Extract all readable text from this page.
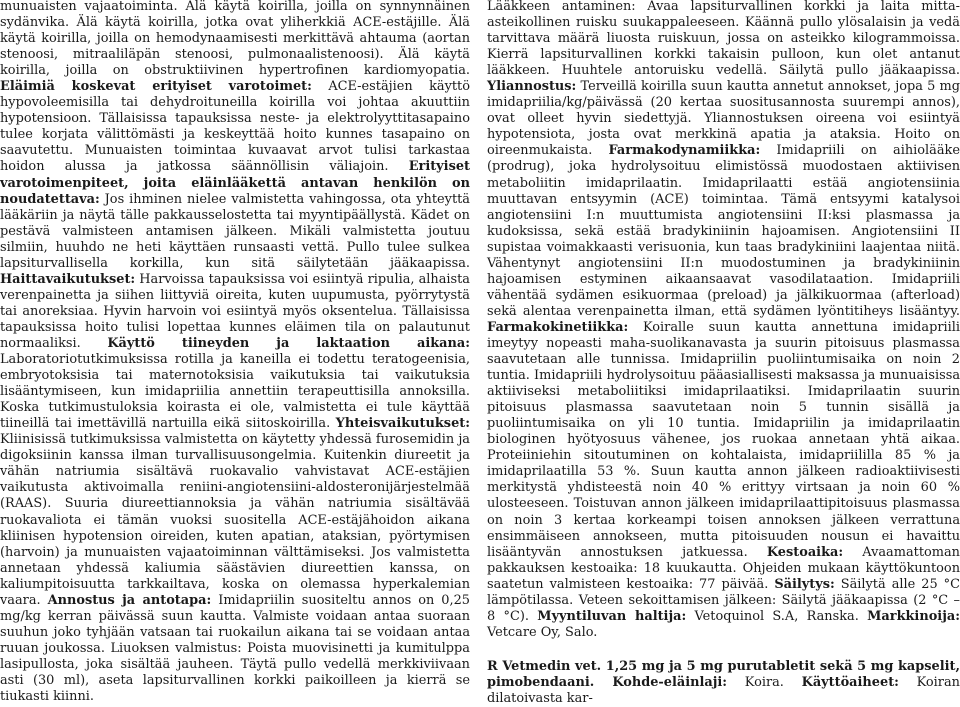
munuaisten vajaatoiminta. Älä käytä koirilla, joilla on synnynnäinen sydänvika. Älä käytä koirilla, jotka ovat yliherkkiä ACE-estäjille. Älä käytä koirilla, joilla on hemodynaamisesti merkittävä ahtauma (aortan stenoosi, mitraaliläpän stenoosi, pulmonaalistenoosi). Älä käytä koirilla, joilla on obstruktiivinen hypertrofinen kardiomyopatia. Eläimiä koskevat erityiset varotoimet: ACE-estäjien käyttö hypovoleemisilla tai dehydroituneilla koirilla voi johtaa akuuttiin hypotensioon. Tällaisissa tapauksissa neste- ja elektrolyyttitasapaino tulee korjata välittömästi ja keskeyttää hoito kunnes tasapaino on saavutettu. Munuaisten toimintaa kuvaavat arvot tulisi tarkastaa hoidon alussa ja jatkossa säännöllisin väliajoin. Erityiset varotoimenpiteet, joita eläinlääkettä antavan henkilön on noudatettava: Jos ihminen nielee valmistetta vahingossa, ota yhteyttä lääkäriin ja näytä tälle pakkausselostetta tai myyntipäällystä. Kädet on pestävä valmisteen antamisen jälkeen. Mikäli valmistetta joutuu silmiin, huuhdo ne heti käyttäen runsaasti vettä. Pullo tulee sulkea lapsiturvallisella korkilla, kun sitä säilytetään jääkaapissa. Haittavaikutukset: Harvoissa tapauksissa voi esiintyä ripulia, alhaista verenpainetta ja siihen liittyviä oireita, kuten uupumusta, pyörrytystä tai anoreksiaa. Hyvin harvoin voi esiintyä myös oksentelua. Tällaisissa tapauksissa hoito tulisi lopettaa kunnes eläimen tila on palautunut normaaliksi. Käyttö tiineyden ja laktaation aikana: Laboratoriotutkimuksissa rotilla ja kaneilla ei todettu teratogeenisia, embryotoksisia tai maternotoksisia vaikutuksia tai vaikutuksia lisääntymiseen, kun imidapriilia annettiin terapeuttisilla annoksilla. Koska tutkimustuloksia koirasta ei ole, valmistetta ei tule käyttää tiineillä tai imettävillä nartuilla eikä siitoskoirilla. Yhteisvaikutukset: Kliinisissä tutkimuksissa valmistetta on käytetty yhdessä furosemidin ja digoksiinin kanssa ilman turvallisuusongelmia. Kuitenkin diureetit ja vähän natriumia sisältävä ruokavalio vahvistavat ACE-estäjien vaikutusta aktivoimalla reniini-angiotensiini-aldosteronijärjestelmää (RAAS). Suuria diureettiannoksia ja vähän natriumia sisältävää ruokavaliota ei tämän vuoksi suositella ACE-estäjähoidon aikana kliinisen hypotension oireiden, kuten apatian, ataksian, pyörtymisen (harvoin) ja munuaisten vajaatoiminnan välttämiseksi. Jos valmistetta annetaan yhdessä kaliumia säästävien diureettien kanssa, on kaliumpitoisuutta tarkkailtava, koska on olemassa hyperkalemian vaara. Annostus ja antotapa: Imidapriilin suositeltu annos on 0,25 mg/kg kerran päivässä suun kautta. Valmiste voidaan antaa suoraan suuhun joko tyhjään vatsaan tai ruokailun aikana tai se voidaan antaa ruuan joukossa. Liuoksen valmistus: Poista muovisinetti ja kumitulppa lasipullosta, joka sisältää jauheen. Täytä pullo vedellä merkkiviivaan asti (30 ml), aseta lapsiturvallinen korkki paikoilleen ja kierrä se tiukasti kiinni.

Lääkkeen antaminen: Avaa lapsiturvallinen korkki ja laita mitta-asteikollinen ruisku suukappaleeseen. Käännä pullo ylösalaisin ja vedä tarvittava määrä liuosta ruiskuun, jossa on asteikko kilogrammoissa. Kierrä lapsiturvallinen korkki takaisin pulloon, kun olet antanut lääkkeen. Huuhtele antoruisku vedellä. Säilytä pullo jääkaapissa. Yliannostus: Terveillä koirilla suun kautta annetut annokset, jopa 5 mg imidapriilia/kg/päivässä (20 kertaa suositusannosta suurempi annos), ovat olleet hyvin siedettyjä. Yliannostuksen oireena voi esiintyä hypotensiota, josta ovat merkkinä apatia ja ataksia. Hoito on oireenmukaista. Farmakodynamiikka: Imidapriili on aihiolääke (prodrug), joka hydrolysoituu elimistössä muodostaen aktiivisen metaboliitin imidaprilaatin. Imidaprilaatti estää angiotensiinia muuttavan entsyymin (ACE) toimintaa. Tämä entsyymi katalysoi angiotensiini I:n muuttumista angiotensiini II:ksi plasmassa ja kudoksissa, sekä estää bradykiniinin hajoamisen. Angiotensiini II supistaa voimakkaasti verisuonia, kun taas bradykiniini laajentaa niitä. Vähentynyt angiotensiini II:n muodostuminen ja bradykiniinin hajoamisen estyminen aikaansaavat vasodilataation. Imidapriili vähentää sydämen esikuormaa (preload) ja jälkikuormaa (afterload) sekä alentaa verenpainetta ilman, että sydämen lyöntitiheys lisääntyy. Farmakokinetiikka: Koiralle suun kautta annettuna imidapriili imeytyy nopeasti maha-suolikanavasta ja suurin pitoisuus plasmassa saavutetaan alle tunnissa. Imidapriilin puoliintumisaika on noin 2 tuntia. Imidapriili hydrolysoituu pääasiallisesti maksassa ja munuaisissa aktiiviseksi metaboliitiksi imidaprilaatiksi. Imidaprilaatin suurin pitoisuus plasmassa saavutetaan noin 5 tunnin sisällä ja puoliintumisaika on yli 10 tuntia. Imidapriilin ja imidaprilaatin biologinen hyötyosuus vähenee, jos ruokaa annetaan yhtä aikaa. Proteiiniehin sitoutuminen on kohtalaista, imidapriililla 85 % ja imidaprilaatilla 53 %. Suun kautta annon jälkeen radioaktiivisesti merkitystä yhdisteestä noin 40 % erittyy virtsaan ja noin 60 % ulosteeseen. Toistuvan annon jälkeen imidaprilaattipitoisuus plasmassa on noin 3 kertaa korkeampi toisen annoksen jälkeen verrattuna ensimmäiseen annokseen, mutta pitoisuuden nousun ei havaittu lisääntyvän annostuksen jatkuessa. Kestoaika: Avaamattoman pakkauksen kestoaika: 18 kuukautta. Ohjeiden mukaan käyttökuntoon saatetun valmisteen kestoaika: 77 päivää. Säilytys: Säilytä alle 25 °C lämpötilassa. Veteen sekoittamisen jälkeen: Säilytä jääkaapissa (2 °C – 8 °C). Myyntiluvan haltija: Vetoquinol S.A, Ranska. Markkinoija: Vetcare Oy, Salo.

R Vetmedin vet. 1,25 mg ja 5 mg purutabletit sekä 5 mg kapselit, pimobendaani. Kohde-eläinlaji: Koira. Käyttöaiheet: Koiran dilatoivasta kar-
